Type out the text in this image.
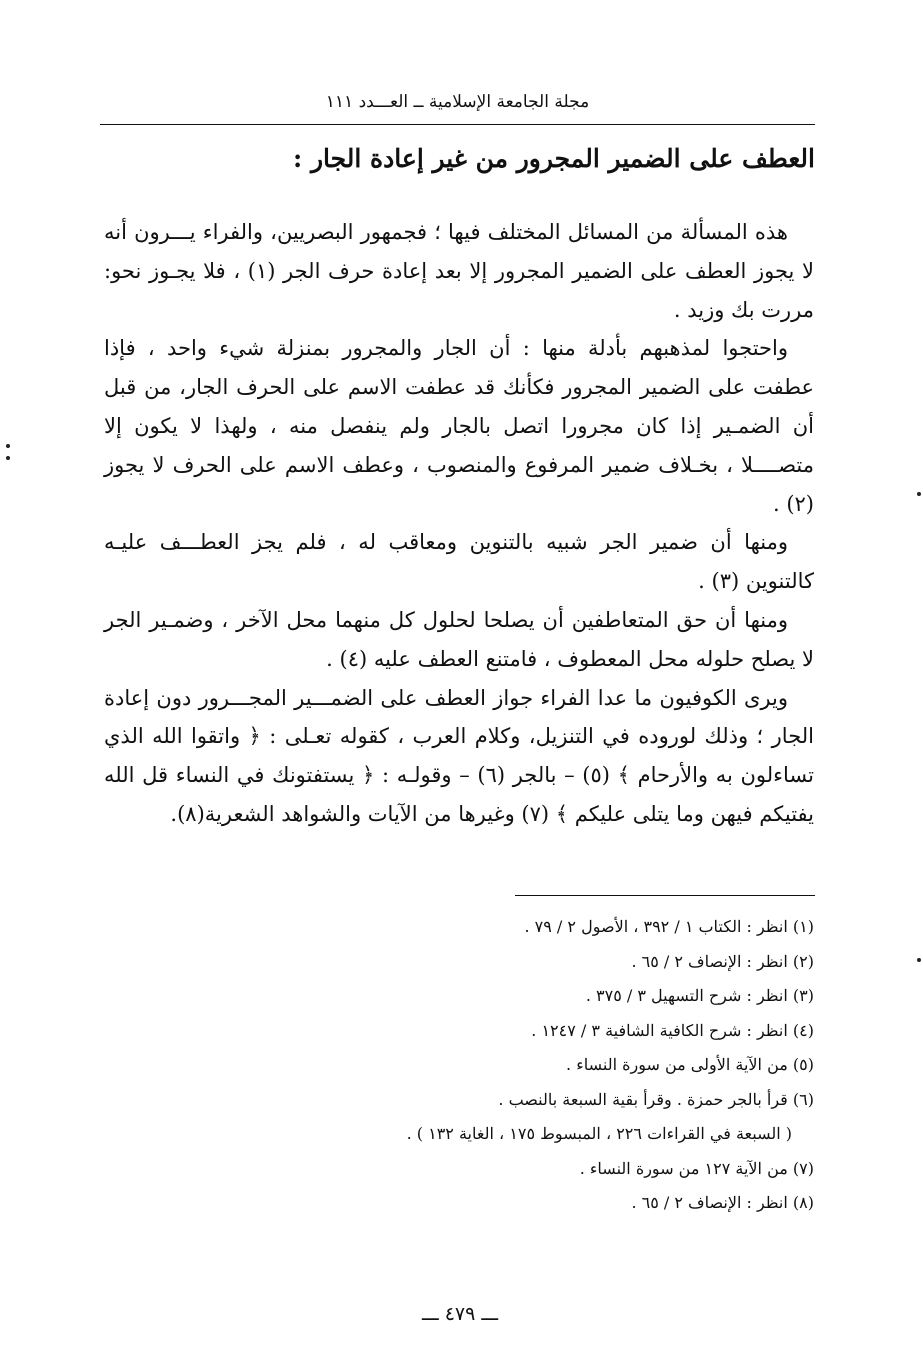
مجلة الجامعة الإسلامية ــ العـــدد ١١١
العطف على الضمير المجرور من غير إعادة الجار :

هذه المسألة من المسائل المختلف فيها ؛ فجمهور البصريين، والفراء يـــرون أنه لا يجوز العطف على الضمير المجرور إلا بعد إعادة حرف الجر (١) ، فلا يجـوز نحو: مررت بك وزيد .

واحتجوا لمذهبهم بأدلة منها : أن الجار والمجرور بمنزلة شيء واحد ، فإذا عطفت على الضمير المجرور فكأنك قد عطفت الاسم على الحرف الجار، من قبل أن الضمـير إذا كان مجرورا اتصل بالجار ولم ينفصل منه ، ولهذا لا يكون إلا متصــــلا ، بخـلاف ضمير المرفوع والمنصوب ، وعطف الاسم على الحرف لا يجوز (٢) .

ومنها أن ضمير الجر شبيه بالتنوين ومعاقب له ، فلم يجز العطـــف عليـه كالتنوين (٣) .

ومنها أن حق المتعاطفين أن يصلحا لحلول كل منهما محل الآخر ، وضمـير الجر لا يصلح حلوله محل المعطوف ، فامتنع العطف عليه (٤) .

ويرى الكوفيون ما عدا الفراء جواز العطف على الضمـــير المجـــرور دون إعادة الجار ؛ وذلك لوروده في التنزيل، وكلام العرب ، كقوله تعـلى : ﴿ واتقوا الله الذي تساءلون به والأرحام ﴾ (٥) – بالجر (٦) – وقولـه : ﴿ يستفتونك في النساء قل الله يفتيكم فيهن وما يتلى عليكم ﴾ (٧) وغيرها من الآيات والشواهد الشعرية(٨).

(١) انظر : الكتاب ١ / ٣٩٢ ، الأصول ٢ / ٧٩ .

(٢) انظر : الإنصاف ٢ / ٦٥ .

(٣) انظر : شرح التسهيل ٣ / ٣٧٥ .

(٤) انظر : شرح الكافية الشافية ٣ / ١٢٤٧ .

(٥) من الآية الأولى من سورة النساء .

(٦) قرأ بالجر حمزة . وقرأ بقية السبعة بالنصب .

( السبعة في القراءات ٢٢٦ ، المبسوط ١٧٥ ، الغاية ١٣٢ ) .

(٧) من الآية ١٢٧ من سورة النساء .

(٨) انظر : الإنصاف ٢ / ٦٥ .

ـــ ٤٧٩ ـــ
